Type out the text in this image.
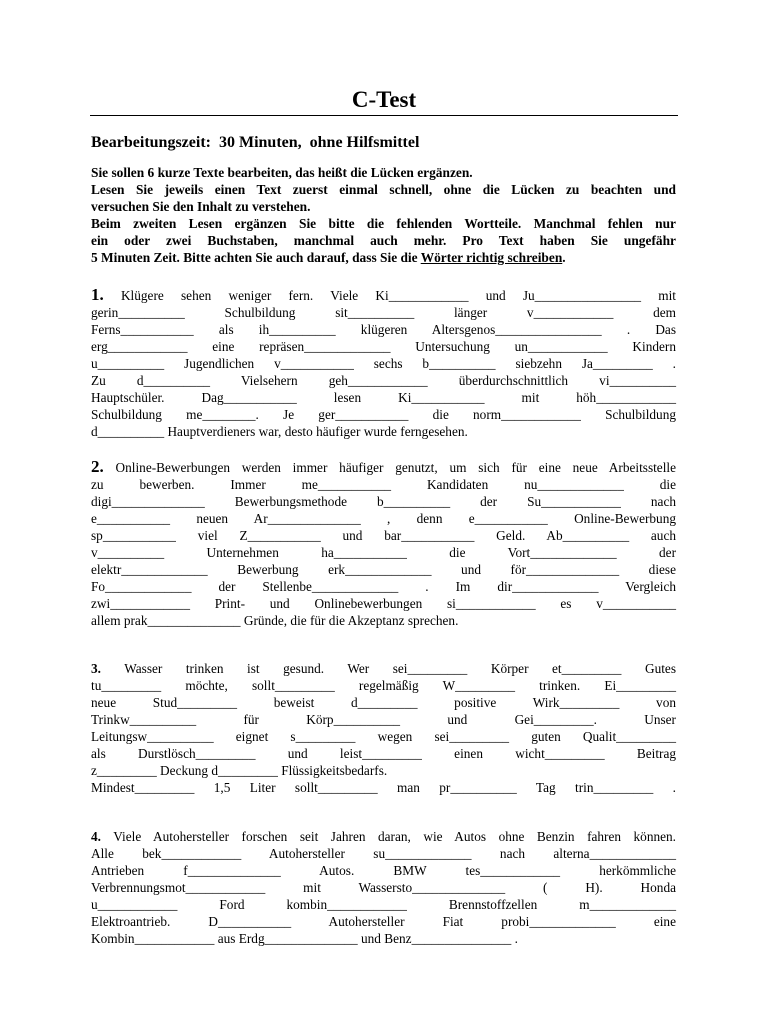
C-Test
Bearbeitungszeit:  30 Minuten,  ohne Hilfsmittel
Sie sollen 6 kurze Texte bearbeiten, das heißt die Lücken ergänzen.
Lesen Sie jeweils einen Text zuerst einmal schnell, ohne die Lücken zu beachten und
versuchen Sie den Inhalt zu verstehen.
Beim zweiten Lesen ergänzen Sie bitte die fehlenden Wortteile. Manchmal fehlen nur
ein oder zwei Buchstaben, manchmal auch mehr. Pro Text haben Sie ungefähr
5 Minuten Zeit. Bitte achten Sie auch darauf, dass Sie die Wörter richtig schreiben.
1. Klügere sehen weniger fern. Viele Ki____________ und Ju________________ mit
gerin__________ Schulbildung sit__________ länger v____________ dem
Ferns___________ als ih__________ klügeren Altersgenos________________ . Das
erg____________ eine repräsen_____________ Untersuchung un____________ Kindern
u__________ Jugendlichen v___________ sechs b__________ siebzehn Ja_________ .
Zu d__________ Vielsehern geh____________ überdurchschnittlich vi__________
Hauptschüler. Dag___________ lesen Ki___________ mit höh____________
Schulbildung me________. Je ger___________ die norm____________ Schulbildung
d__________ Hauptverdieners war, desto häufiger wurde ferngesehen.
2. Online-Bewerbungen werden immer häufiger genutzt, um sich für eine neue Arbeitsstelle
zu bewerben. Immer me___________ Kandidaten nu_____________ die
digi______________ Bewerbungsmethode b__________ der Su____________ nach
e___________ neuen Ar______________ , denn e___________ Online-Bewerbung
sp___________ viel Z___________ und bar___________ Geld. Ab__________ auch
v__________ Unternehmen ha___________ die Vort_____________ der
elektr_____________ Bewerbung erk_____________ und för______________ diese
Fo_____________ der Stellenbe_____________ . Im dir_____________ Vergleich
zwi____________ Print- und Onlinebewerbungen si____________ es v___________
allem prak______________ Gründe, die für die Akzeptanz sprechen.
3. Wasser trinken ist gesund. Wer sei_________ Körper et_________ Gutes
tu_________ möchte, sollt_________ regelmäßig W_________ trinken. Ei_________
neue Stud_________ beweist d_________ positive Wirk_________ von
Trinkw__________ für Körp__________ und Gei_________. Unser
Leitungsw__________ eignet s_________ wegen sei_________ guten Qualit_________
als Durstlösch_________ und leist_________ einen wicht_________ Beitrag
z_________ Deckung d_________ Flüssigkeitsbedarfs.
Mindest_________ 1,5 Liter sollt_________ man pr__________ Tag trin_________ .
4. Viele Autohersteller forschen seit Jahren daran, wie Autos ohne Benzin fahren können.
Alle bek____________ Autohersteller su_____________ nach alterna_____________
Antrieben f______________ Autos. BMW tes____________ herkömmliche
Verbrennungsmot____________ mit Wassersto______________ ( H). Honda
u____________ Ford kombin____________ Brennstoffzellen m_____________
Elektroantrieb. D___________ Autohersteller Fiat probi_____________ eine
Kombin____________ aus Erdg______________ und Benz_______________ .
